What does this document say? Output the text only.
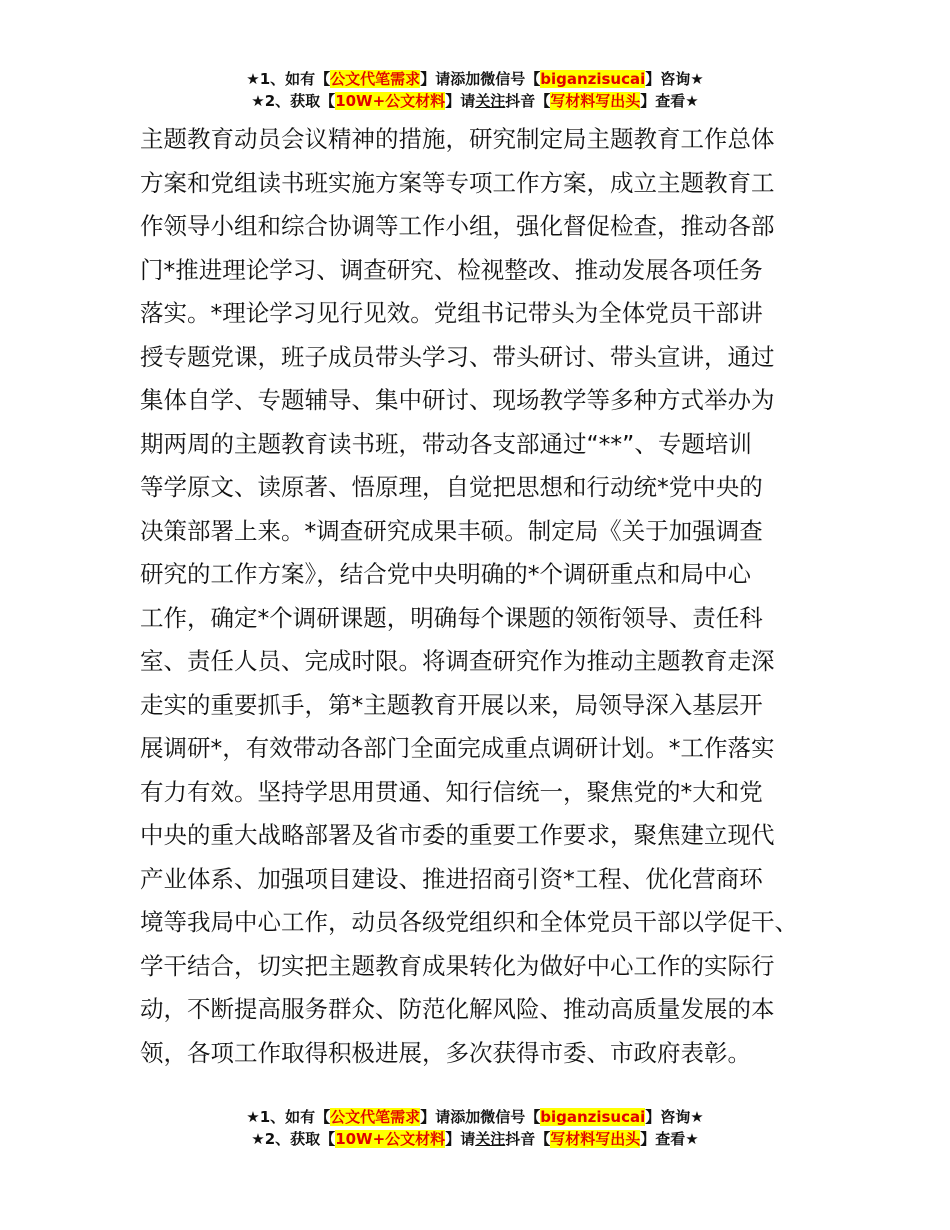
★1、如有【公文代笔需求】请添加微信号【biganzisucai】咨询★
★2、获取【10W+公文材料】请关注抖音【写材料写出头】查看★
主题教育动员会议精神的措施，研究制定局主题教育工作总体
方案和党组读书班实施方案等专项工作方案，成立主题教育工
作领导小组和综合协调等工作小组，强化督促检查，推动各部
门*推进理论学习、调查研究、检视整改、推动发展各项任务
落实。*理论学习见行见效。党组书记带头为全体党员干部讲
授专题党课，班子成员带头学习、带头研讨、带头宣讲，通过
集体自学、专题辅导、集中研讨、现场教学等多种方式举办为
期两周的主题教育读书班，带动各支部通过“**”、专题培训
等学原文、读原著、悟原理，自觉把思想和行动统*党中央的
决策部署上来。*调查研究成果丰硕。制定局《关于加强调查
研究的工作方案》，结合党中央明确的*个调研重点和局中心
工作，确定*个调研课题，明确每个课题的领衔领导、责任科
室、责任人员、完成时限。将调查研究作为推动主题教育走深
走实的重要抓手，第*主题教育开展以来，局领导深入基层开
展调研*，有效带动各部门全面完成重点调研计划。*工作落实
有力有效。坚持学思用贯通、知行信统一，聚焦党的*大和党
中央的重大战略部署及省市委的重要工作要求，聚焦建立现代
产业体系、加强项目建设、推进招商引资*工程、优化营商环
境等我局中心工作，动员各级党组织和全体党员干部以学促干、
学干结合，切实把主题教育成果转化为做好中心工作的实际行
动，不断提高服务群众、防范化解风险、推动高质量发展的本
领，各项工作取得积极进展，多次获得市委、市政府表彰。
★1、如有【公文代笔需求】请添加微信号【biganzisucai】咨询★
★2、获取【10W+公文材料】请关注抖音【写材料写出头】查看★
